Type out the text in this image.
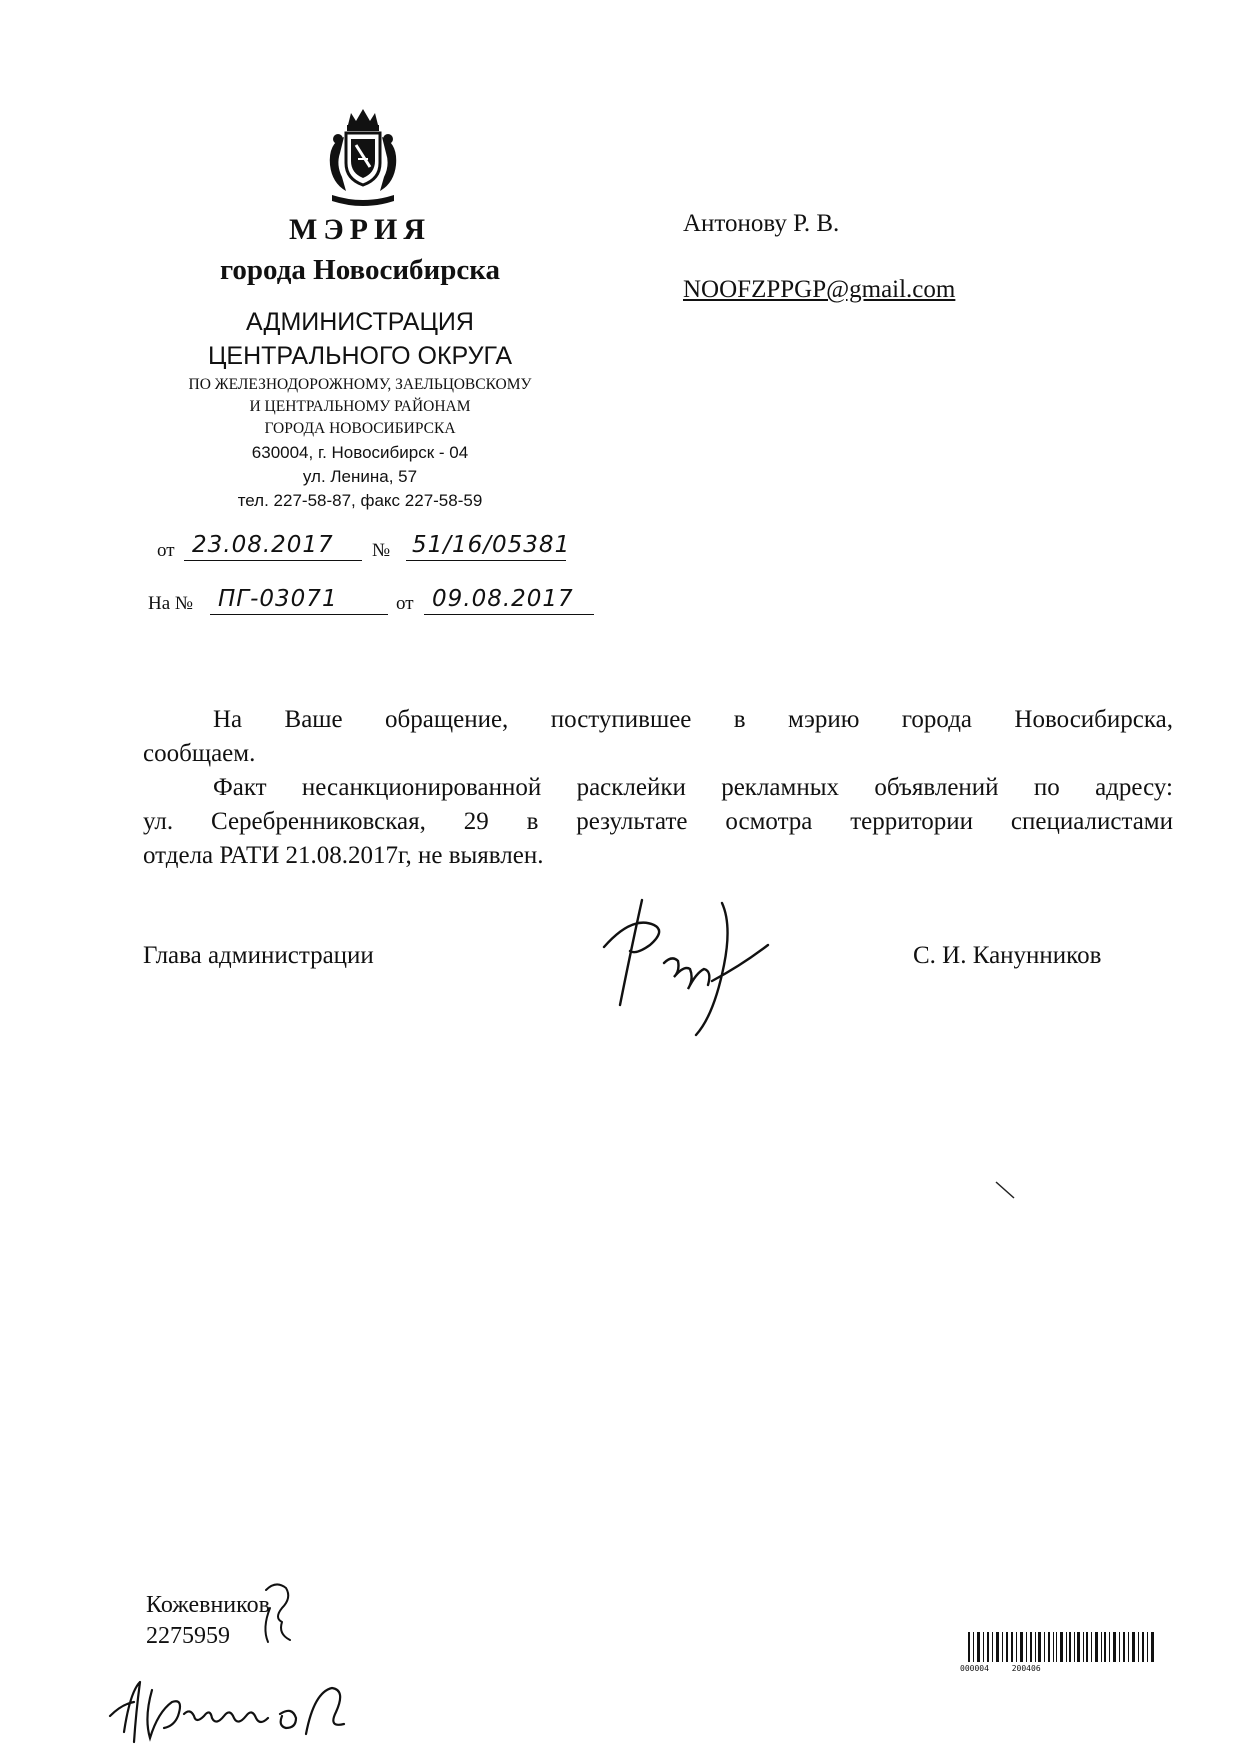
МЭРИЯ
города Новосибирска
АДМИНИСТРАЦИЯ
ЦЕНТРАЛЬНОГО ОКРУГА
ПО ЖЕЛЕЗНОДОРОЖНОМУ, ЗАЕЛЬЦОВСКОМУ
И ЦЕНТРАЛЬНОМУ РАЙОНАМ
ГОРОДА НОВОСИБИРСКА
630004, г. Новосибирск - 04
ул. Ленина, 57
тел. 227-58-87, факс 227-58-59
от 23.08.2017 № 51/16/05381
На № ПГ-03071	от 09.08.2017
Антонову Р. В.
NOOFZPPGP@gmail.com
На Ваше обращение, поступившее в мэрию города Новосибирска,
сообщаем.
Факт несанкционированной расклейки рекламных объявлений по адресу:
ул. Серебренниковская, 29 в результате осмотра территории специалистами
отдела РАТИ 21.08.2017г, не выявлен.
Глава администрации	С. И. Канунников
Кожевников
2275959
000004	200406
